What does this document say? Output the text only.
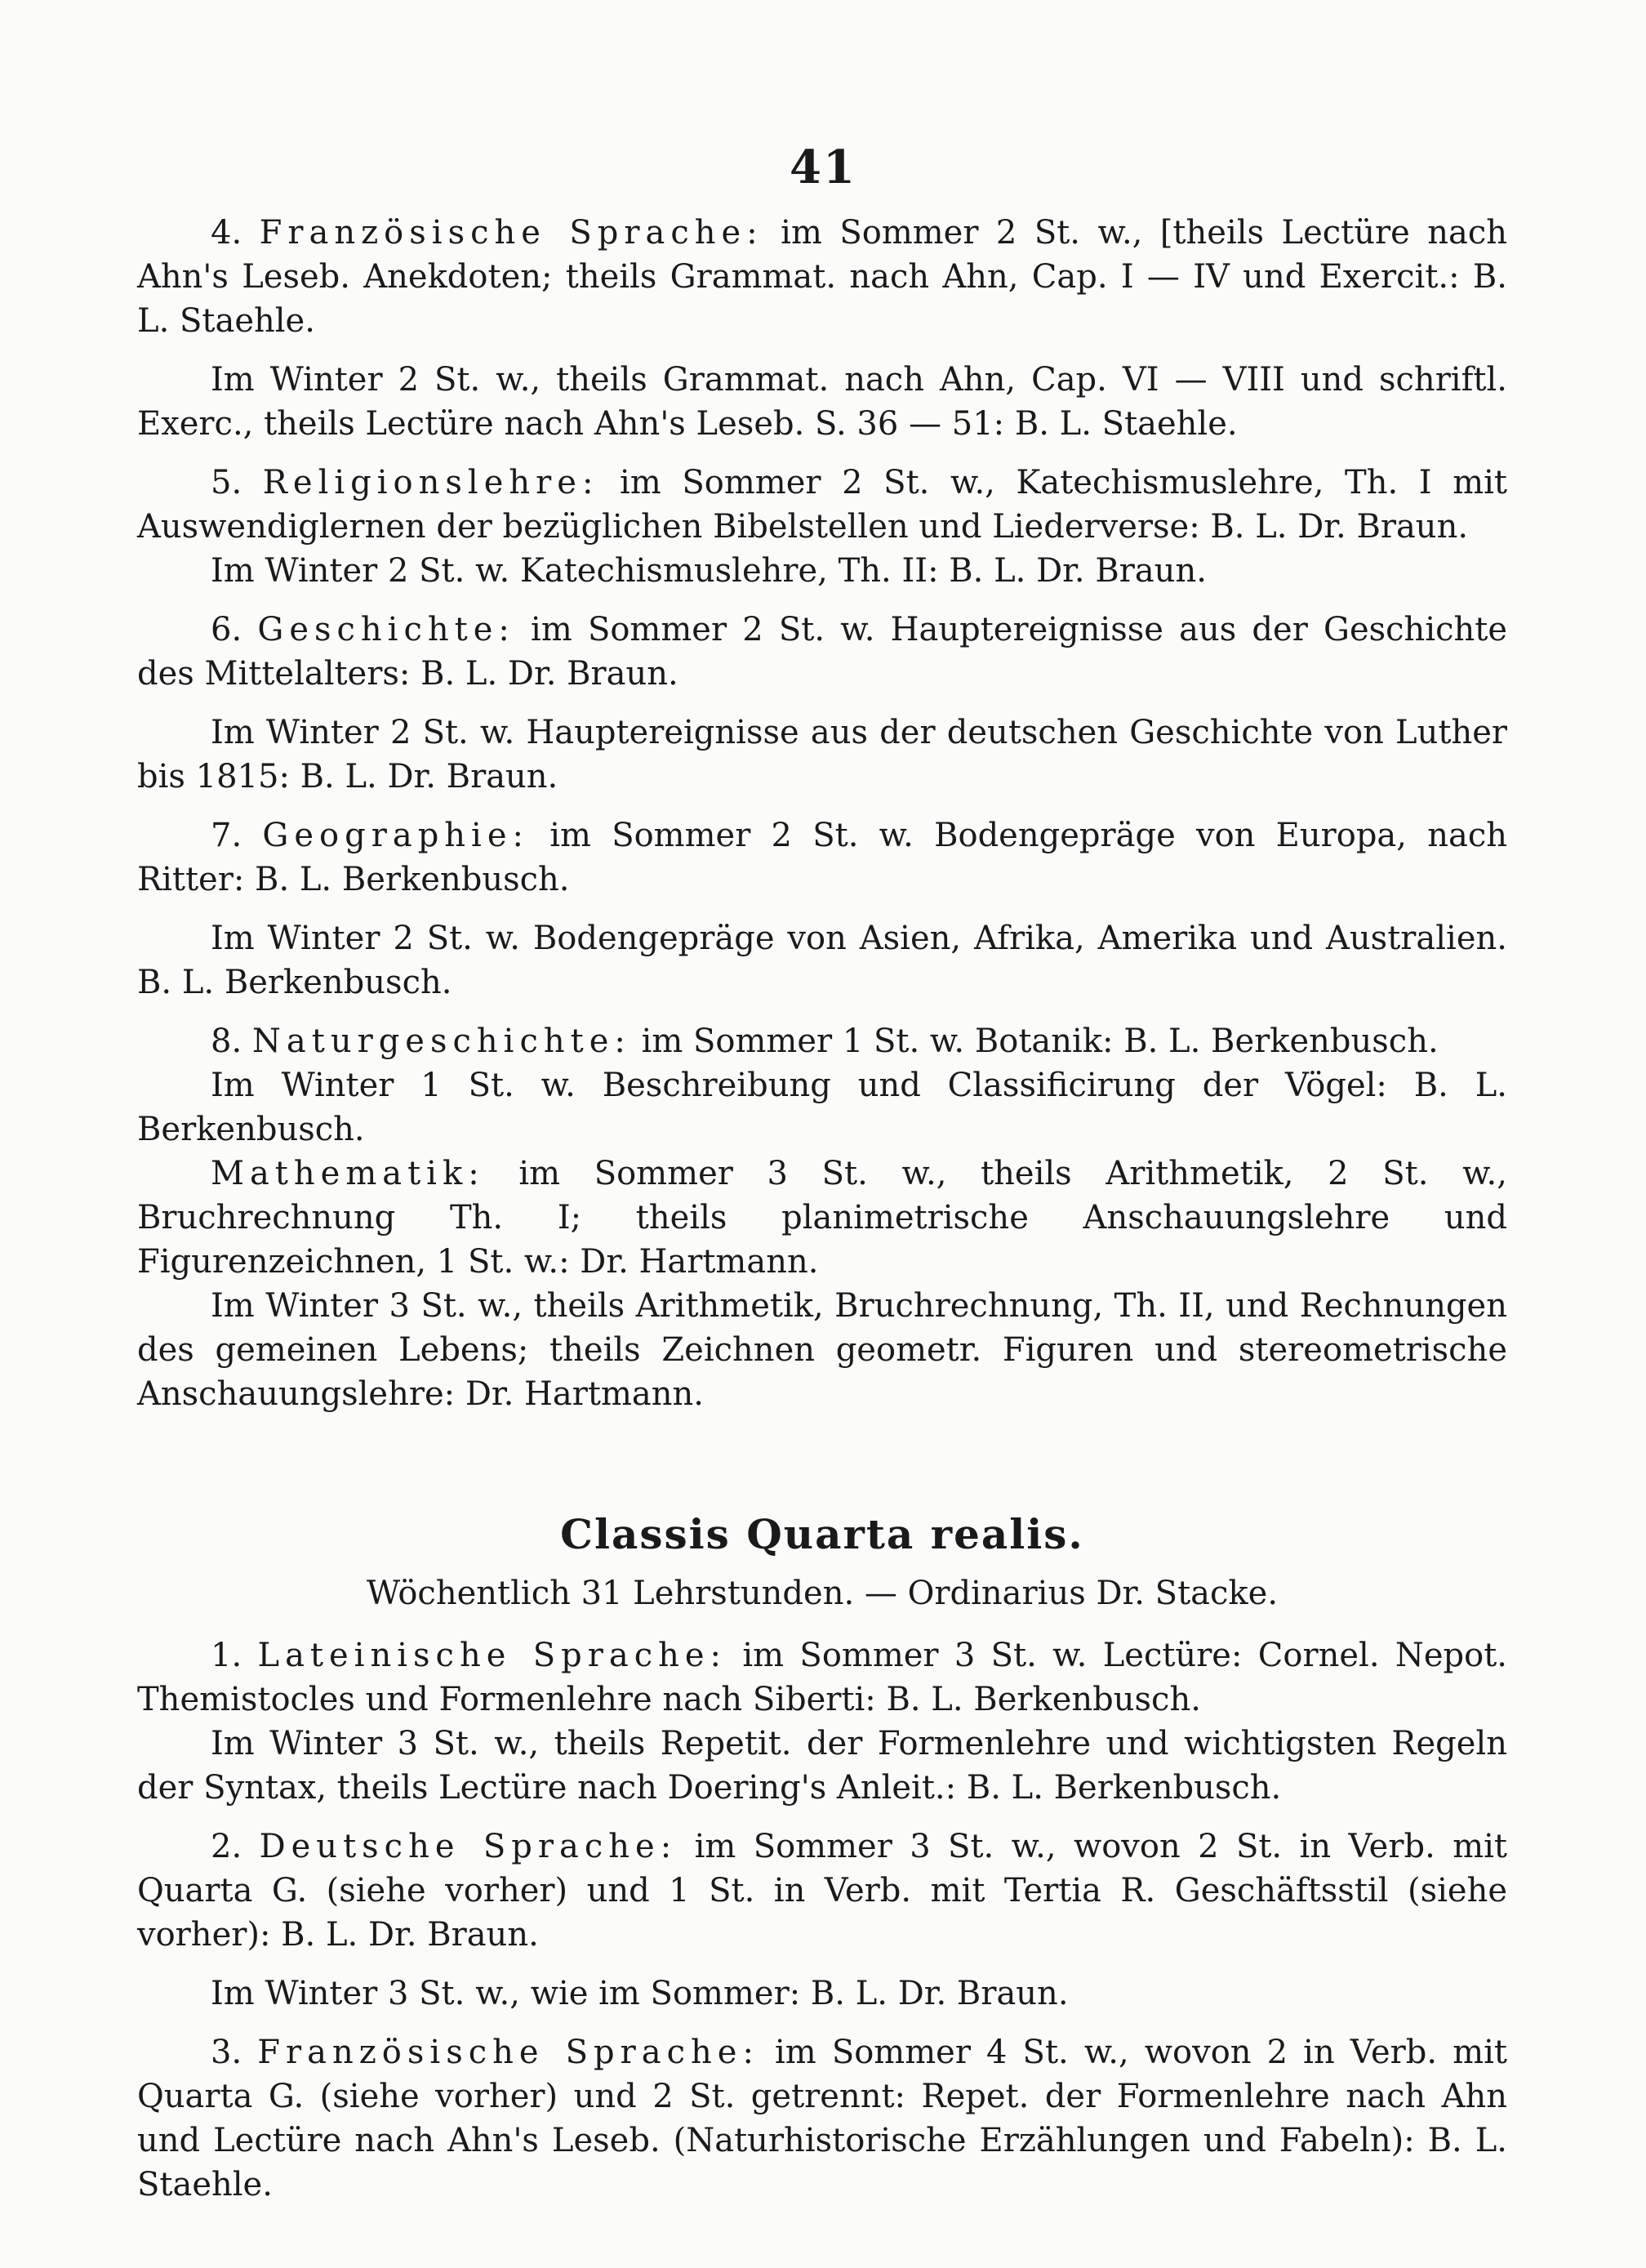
41

4. Französische Sprache: im Sommer 2 St. w., [theils Lectüre nach Ahn's Leseb. Anekdoten; theils Grammat. nach Ahn, Cap. I — IV und Exercit.: B. L. Staehle.

Im Winter 2 St. w., theils Grammat. nach Ahn, Cap. VI — VIII und schriftl. Exerc., theils Lectüre nach Ahn's Leseb. S. 36 — 51: B. L. Staehle.

5. Religionslehre: im Sommer 2 St. w., Katechismuslehre, Th. I mit Auswendiglernen der bezüglichen Bibelstellen und Liederverse: B. L. Dr. Braun.

Im Winter 2 St. w. Katechismuslehre, Th. II: B. L. Dr. Braun.

6. Geschichte: im Sommer 2 St. w. Hauptereignisse aus der Geschichte des Mittelalters: B. L. Dr. Braun.

Im Winter 2 St. w. Hauptereignisse aus der deutschen Geschichte von Luther bis 1815: B. L. Dr. Braun.

7. Geographie: im Sommer 2 St. w. Bodengepräge von Europa, nach Ritter: B. L. Berkenbusch.

Im Winter 2 St. w. Bodengepräge von Asien, Afrika, Amerika und Australien. B. L. Berkenbusch.

8. Naturgeschichte: im Sommer 1 St. w. Botanik: B. L. Berkenbusch.

Im Winter 1 St. w. Beschreibung und Classificirung der Vögel: B. L. Berkenbusch.

Mathematik: im Sommer 3 St. w., theils Arithmetik, 2 St. w., Bruchrechnung Th. I; theils planimetrische Anschauungslehre und Figurenzeichnen, 1 St. w.: Dr. Hartmann.

Im Winter 3 St. w., theils Arithmetik, Bruchrechnung, Th. II, und Rechnungen des gemeinen Lebens; theils Zeichnen geometr. Figuren und stereometrische Anschauungslehre: Dr. Hartmann.

Classis Quarta realis.
Wöchentlich 31 Lehrstunden. — Ordinarius Dr. Stacke.

1. Lateinische Sprache: im Sommer 3 St. w. Lectüre: Cornel. Nepot. Themistocles und Formenlehre nach Siberti: B. L. Berkenbusch.

Im Winter 3 St. w., theils Repetit. der Formenlehre und wichtigsten Regeln der Syntax, theils Lectüre nach Doering's Anleit.: B. L. Berkenbusch.

2. Deutsche Sprache: im Sommer 3 St. w., wovon 2 St. in Verb. mit Quarta G. (siehe vorher) und 1 St. in Verb. mit Tertia R. Geschäftsstil (siehe vorher): B. L. Dr. Braun.

Im Winter 3 St. w., wie im Sommer: B. L. Dr. Braun.

3. Französische Sprache: im Sommer 4 St. w., wovon 2 in Verb. mit Quarta G. (siehe vorher) und 2 St. getrennt: Repet. der Formenlehre nach Ahn und Lectüre nach Ahn's Leseb. (Naturhistorische Erzählungen und Fabeln): B. L. Staehle.
